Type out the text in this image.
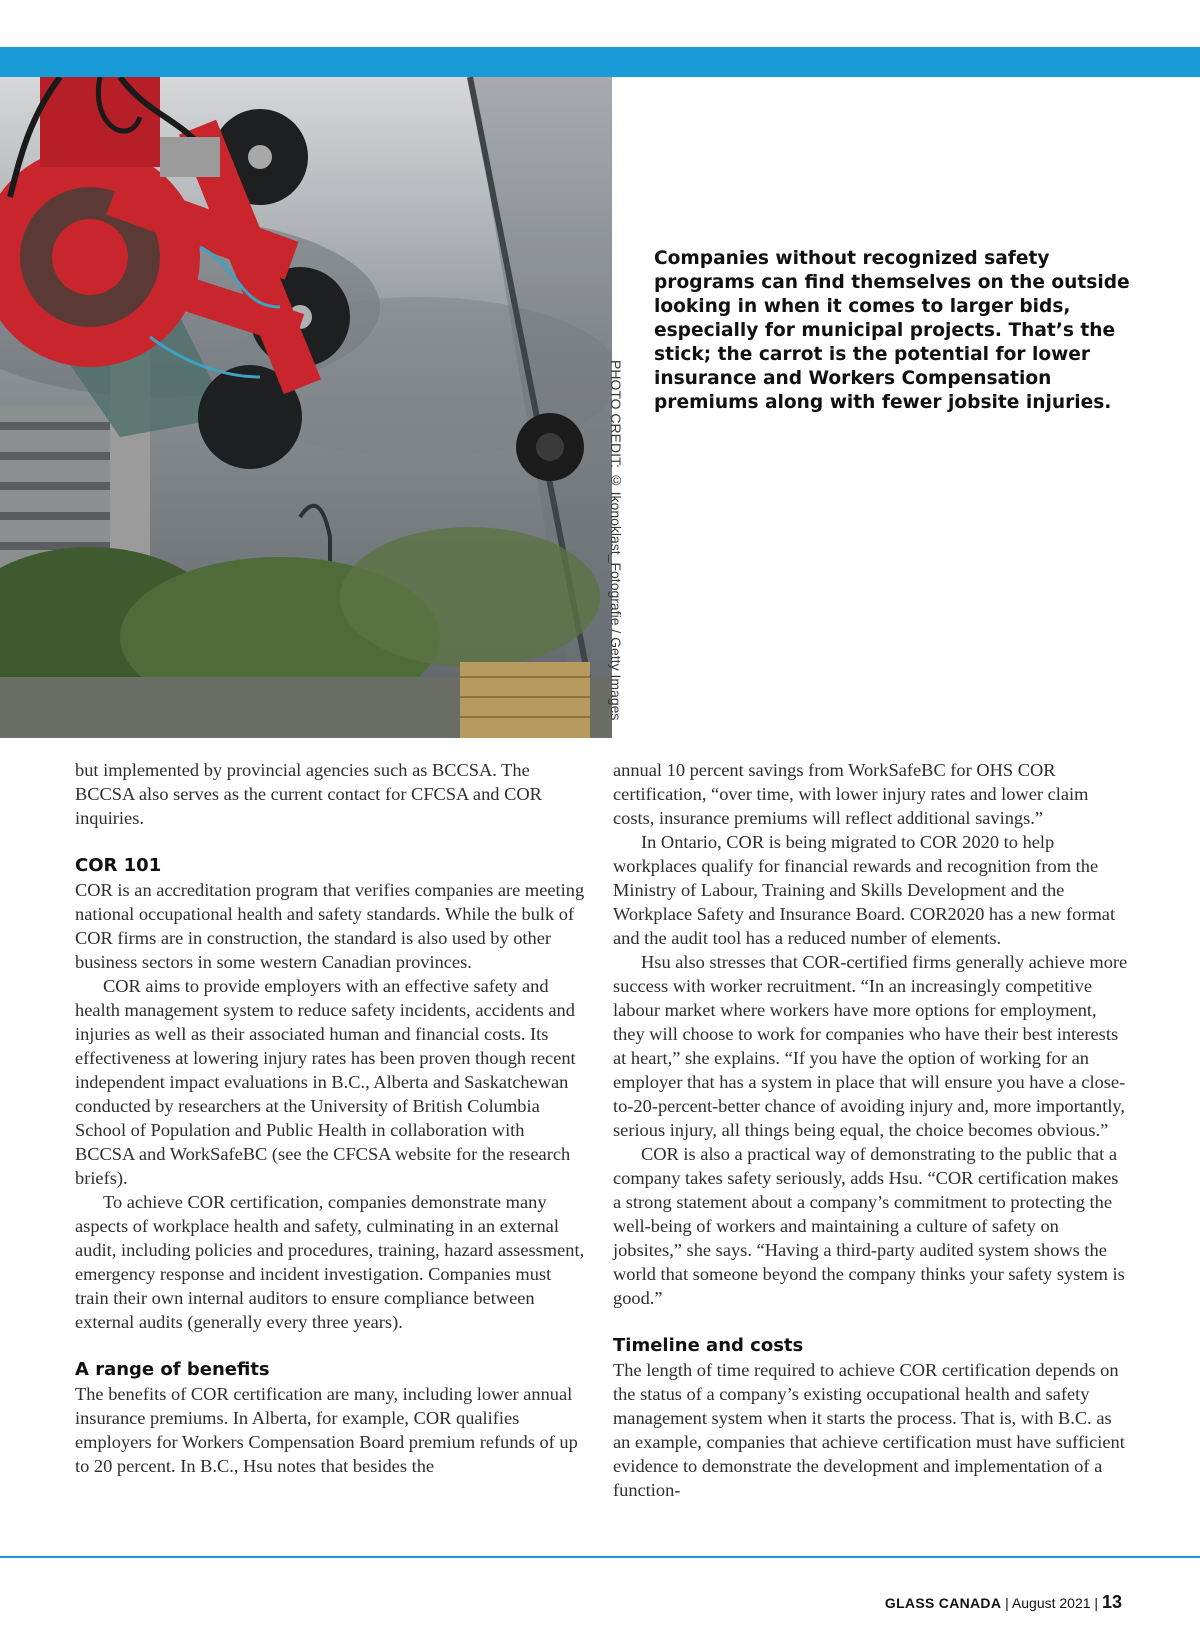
PHOTO CREDIT: © Ikonoklast_Fotografie / Getty Images

Companies without recognized safety programs can find themselves on the outside looking in when it comes to larger bids, especially for municipal projects. That’s the stick; the carrot is the potential for lower insurance and Workers Compensation premiums along with fewer jobsite injuries.

but implemented by provincial agencies such as BCCSA. The BCCSA also serves as the current contact for CFCSA and COR inquiries.

COR 101

COR is an accreditation program that verifies companies are meeting national occupational health and safety standards. While the bulk of COR firms are in construction, the standard is also used by other business sectors in some western Canadian provinces.

COR aims to provide employers with an effective safety and health management system to reduce safety incidents, accidents and injuries as well as their associated human and financial costs. Its effectiveness at lowering injury rates has been proven though recent independent impact evaluations in B.C., Alberta and Saskatchewan conducted by researchers at the University of British Columbia School of Population and Public Health in collaboration with BCCSA and WorkSafeBC (see the CFCSA website for the research briefs).

To achieve COR certification, companies demonstrate many aspects of workplace health and safety, culminating in an external audit, including policies and procedures, training, hazard assessment, emergency response and incident investigation. Companies must train their own internal auditors to ensure compliance between external audits (generally every three years).

A range of benefits

The benefits of COR certification are many, including lower annual insurance premiums. In Alberta, for example, COR qualifies employers for Workers Compensation Board premium refunds of up to 20 percent. In B.C., Hsu notes that besides the

annual 10 percent savings from WorkSafeBC for OHS COR certification, “over time, with lower injury rates and lower claim costs, insurance premiums will reflect additional savings.”

In Ontario, COR is being migrated to COR 2020 to help workplaces qualify for financial rewards and recognition from the Ministry of Labour, Training and Skills Development and the Workplace Safety and Insurance Board. COR2020 has a new format and the audit tool has a reduced number of elements.

Hsu also stresses that COR-certified firms generally achieve more success with worker recruitment. “In an increasingly competitive labour market where workers have more options for employment, they will choose to work for companies who have their best interests at heart,” she explains. “If you have the option of working for an employer that has a system in place that will ensure you have a close-to-20-percent-better chance of avoiding injury and, more importantly, serious injury, all things being equal, the choice becomes obvious.”

COR is also a practical way of demonstrating to the public that a company takes safety seriously, adds Hsu. “COR certification makes a strong statement about a company’s commitment to protecting the well-being of workers and maintaining a culture of safety on jobsites,” she says. “Having a third-party audited system shows the world that someone beyond the company thinks your safety system is good.”

Timeline and costs

The length of time required to achieve COR certification depends on the status of a company’s existing occupational health and safety management system when it starts the process. That is, with B.C. as an example, companies that achieve certification must have sufficient evidence to demonstrate the development and implementation of a function-

GLASS CANADA | August 2021 | 13
